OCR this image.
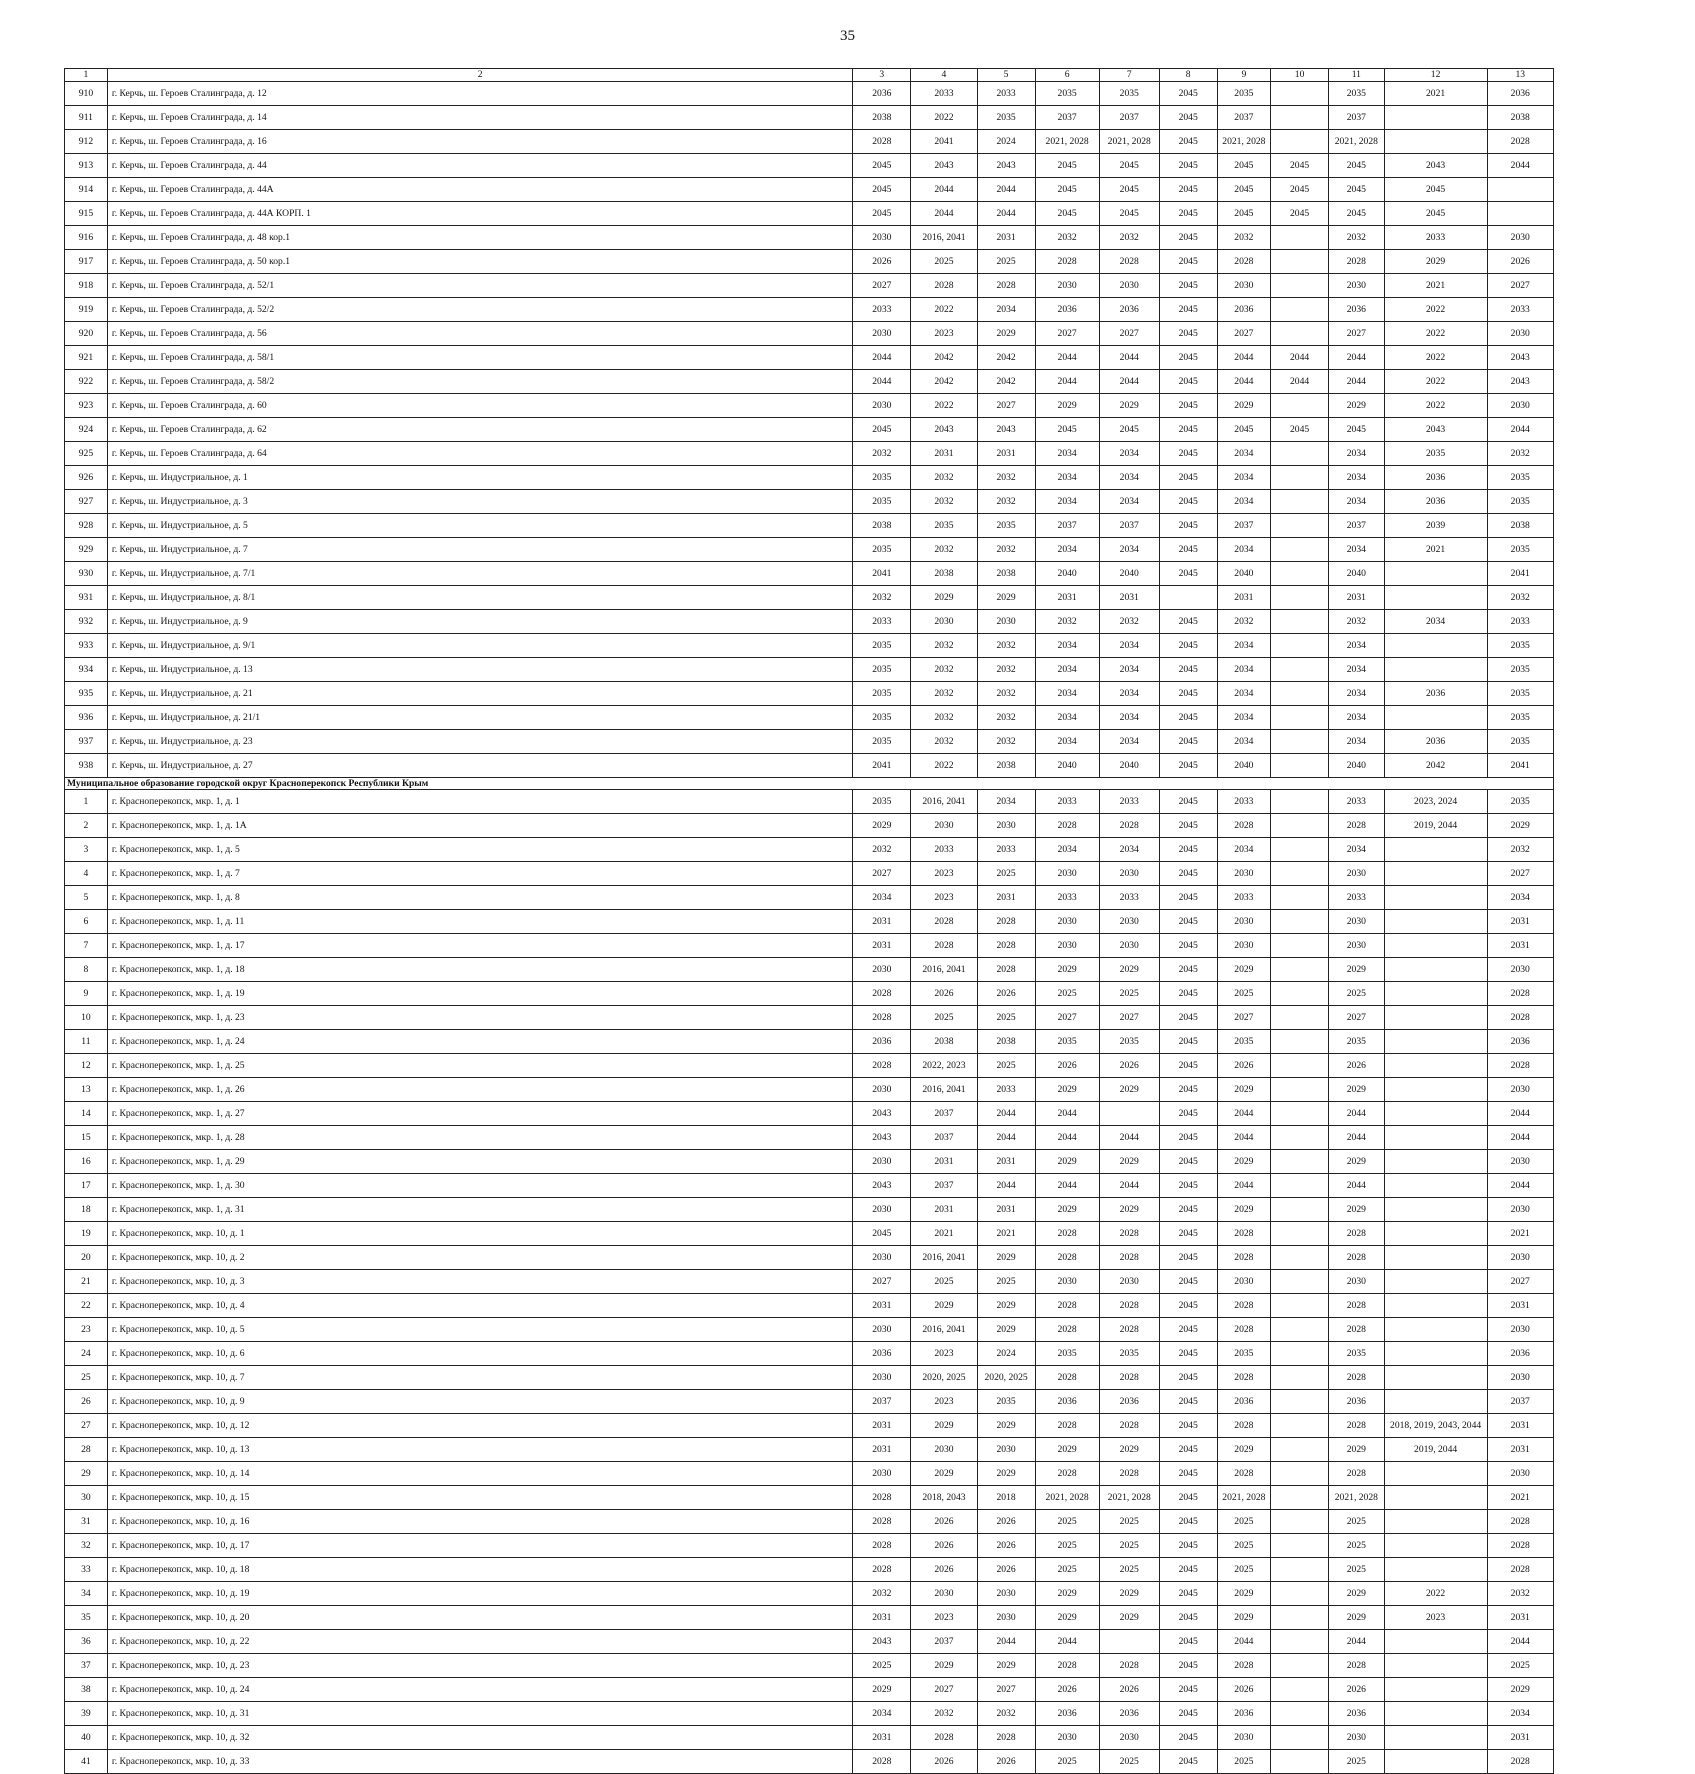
35
1	2	3	4	5	6	7	8	9	10	11	12	13
910	г. Керчь, ш. Героев Сталинграда, д. 12	2036	2033	2033	2035	2035	2045	2035		2035	2021	2036
911	г. Керчь, ш. Героев Сталинграда, д. 14	2038	2022	2035	2037	2037	2045	2037		2037		2038
912	г. Керчь, ш. Героев Сталинграда, д. 16	2028	2041	2024	2021, 2028	2021, 2028	2045	2021, 2028		2021, 2028		2028
913	г. Керчь, ш. Героев Сталинграда, д. 44	2045	2043	2043	2045	2045	2045	2045	2045	2045	2043	2044
914	г. Керчь, ш. Героев Сталинграда, д. 44А	2045	2044	2044	2045	2045	2045	2045	2045	2045	2045	
915	г. Керчь, ш. Героев Сталинграда, д. 44А КОРП. 1	2045	2044	2044	2045	2045	2045	2045	2045	2045	2045	
916	г. Керчь, ш. Героев Сталинграда, д. 48 кор.1	2030	2016, 2041	2031	2032	2032	2045	2032		2032	2033	2030
917	г. Керчь, ш. Героев Сталинграда, д. 50 кор.1	2026	2025	2025	2028	2028	2045	2028		2028	2029	2026
918	г. Керчь, ш. Героев Сталинграда, д. 52/1	2027	2028	2028	2030	2030	2045	2030		2030	2021	2027
919	г. Керчь, ш. Героев Сталинграда, д. 52/2	2033	2022	2034	2036	2036	2045	2036		2036	2022	2033
920	г. Керчь, ш. Героев Сталинграда, д. 56	2030	2023	2029	2027	2027	2045	2027		2027	2022	2030
921	г. Керчь, ш. Героев Сталинграда, д. 58/1	2044	2042	2042	2044	2044	2045	2044	2044	2044	2022	2043
922	г. Керчь, ш. Героев Сталинграда, д. 58/2	2044	2042	2042	2044	2044	2045	2044	2044	2044	2022	2043
923	г. Керчь, ш. Героев Сталинграда, д. 60	2030	2022	2027	2029	2029	2045	2029		2029	2022	2030
924	г. Керчь, ш. Героев Сталинграда, д. 62	2045	2043	2043	2045	2045	2045	2045	2045	2045	2043	2044
925	г. Керчь, ш. Героев Сталинграда, д. 64	2032	2031	2031	2034	2034	2045	2034		2034	2035	2032
926	г. Керчь, ш. Индустриальное, д. 1	2035	2032	2032	2034	2034	2045	2034		2034	2036	2035
927	г. Керчь, ш. Индустриальное, д. 3	2035	2032	2032	2034	2034	2045	2034		2034	2036	2035
928	г. Керчь, ш. Индустриальное, д. 5	2038	2035	2035	2037	2037	2045	2037		2037	2039	2038
929	г. Керчь, ш. Индустриальное, д. 7	2035	2032	2032	2034	2034	2045	2034		2034	2021	2035
930	г. Керчь, ш. Индустриальное, д. 7/1	2041	2038	2038	2040	2040	2045	2040		2040		2041
931	г. Керчь, ш. Индустриальное, д. 8/1	2032	2029	2029	2031	2031		2031		2031		2032
932	г. Керчь, ш. Индустриальное, д. 9	2033	2030	2030	2032	2032	2045	2032		2032	2034	2033
933	г. Керчь, ш. Индустриальное, д. 9/1	2035	2032	2032	2034	2034	2045	2034		2034		2035
934	г. Керчь, ш. Индустриальное, д. 13	2035	2032	2032	2034	2034	2045	2034		2034		2035
935	г. Керчь, ш. Индустриальное, д. 21	2035	2032	2032	2034	2034	2045	2034		2034	2036	2035
936	г. Керчь, ш. Индустриальное, д. 21/1	2035	2032	2032	2034	2034	2045	2034		2034		2035
937	г. Керчь, ш. Индустриальное, д. 23	2035	2032	2032	2034	2034	2045	2034		2034	2036	2035
938	г. Керчь, ш. Индустриальное, д. 27	2041	2022	2038	2040	2040	2045	2040		2040	2042	2041
Муниципальное образование городской округ Красноперекопск Республики Крым												
1	г. Красноперекопск, мкр. 1, д. 1	2035	2016, 2041	2034	2033	2033	2045	2033		2033	2023, 2024	2035
2	г. Красноперекопск, мкр. 1, д. 1А	2029	2030	2030	2028	2028	2045	2028		2028	2019, 2044	2029
3	г. Красноперекопск, мкр. 1, д. 5	2032	2033	2033	2034	2034	2045	2034		2034		2032
4	г. Красноперекопск, мкр. 1, д. 7	2027	2023	2025	2030	2030	2045	2030		2030		2027
5	г. Красноперекопск, мкр. 1, д. 8	2034	2023	2031	2033	2033	2045	2033		2033		2034
6	г. Красноперекопск, мкр. 1, д. 11	2031	2028	2028	2030	2030	2045	2030		2030		2031
7	г. Красноперекопск, мкр. 1, д. 17	2031	2028	2028	2030	2030	2045	2030		2030		2031
8	г. Красноперекопск, мкр. 1, д. 18	2030	2016, 2041	2028	2029	2029	2045	2029		2029		2030
9	г. Красноперекопск, мкр. 1, д. 19	2028	2026	2026	2025	2025	2045	2025		2025		2028
10	г. Красноперекопск, мкр. 1, д. 23	2028	2025	2025	2027	2027	2045	2027		2027		2028
11	г. Красноперекопск, мкр. 1, д. 24	2036	2038	2038	2035	2035	2045	2035		2035		2036
12	г. Красноперекопск, мкр. 1, д. 25	2028	2022, 2023	2025	2026	2026	2045	2026		2026		2028
13	г. Красноперекопск, мкр. 1, д. 26	2030	2016, 2041	2033	2029	2029	2045	2029		2029		2030
14	г. Красноперекопск, мкр. 1, д. 27	2043	2037	2044	2044		2045	2044		2044		2044
15	г. Красноперекопск, мкр. 1, д. 28	2043	2037	2044	2044	2044	2045	2044		2044		2044
16	г. Красноперекопск, мкр. 1, д. 29	2030	2031	2031	2029	2029	2045	2029		2029		2030
17	г. Красноперекопск, мкр. 1, д. 30	2043	2037	2044	2044	2044	2045	2044		2044		2044
18	г. Красноперекопск, мкр. 1, д. 31	2030	2031	2031	2029	2029	2045	2029		2029		2030
19	г. Красноперекопск, мкр. 10, д. 1	2045	2021	2021	2028	2028	2045	2028		2028		2021
20	г. Красноперекопск, мкр. 10, д. 2	2030	2016, 2041	2029	2028	2028	2045	2028		2028		2030
21	г. Красноперекопск, мкр. 10, д. 3	2027	2025	2025	2030	2030	2045	2030		2030		2027
22	г. Красноперекопск, мкр. 10, д. 4	2031	2029	2029	2028	2028	2045	2028		2028		2031
23	г. Красноперекопск, мкр. 10, д. 5	2030	2016, 2041	2029	2028	2028	2045	2028		2028		2030
24	г. Красноперекопск, мкр. 10, д. 6	2036	2023	2024	2035	2035	2045	2035		2035		2036
25	г. Красноперекопск, мкр. 10, д. 7	2030	2020, 2025	2020, 2025	2028	2028	2045	2028		2028		2030
26	г. Красноперекопск, мкр. 10, д. 9	2037	2023	2035	2036	2036	2045	2036		2036		2037
27	г. Красноперекопск, мкр. 10, д. 12	2031	2029	2029	2028	2028	2045	2028		2028	2018, 2019, 2043, 2044	2031
28	г. Красноперекопск, мкр. 10, д. 13	2031	2030	2030	2029	2029	2045	2029		2029	2019, 2044	2031
29	г. Красноперекопск, мкр. 10, д. 14	2030	2029	2029	2028	2028	2045	2028		2028		2030
30	г. Красноперекопск, мкр. 10, д. 15	2028	2018, 2043	2018	2021, 2028	2021, 2028	2045	2021, 2028		2021, 2028		2021
31	г. Красноперекопск, мкр. 10, д. 16	2028	2026	2026	2025	2025	2045	2025		2025		2028
32	г. Красноперекопск, мкр. 10, д. 17	2028	2026	2026	2025	2025	2045	2025		2025		2028
33	г. Красноперекопск, мкр. 10, д. 18	2028	2026	2026	2025	2025	2045	2025		2025		2028
34	г. Красноперекопск, мкр. 10, д. 19	2032	2030	2030	2029	2029	2045	2029		2029	2022	2032
35	г. Красноперекопск, мкр. 10, д. 20	2031	2023	2030	2029	2029	2045	2029		2029	2023	2031
36	г. Красноперекопск, мкр. 10, д. 22	2043	2037	2044	2044		2045	2044		2044		2044
37	г. Красноперекопск, мкр. 10, д. 23	2025	2029	2029	2028	2028	2045	2028		2028		2025
38	г. Красноперекопск, мкр. 10, д. 24	2029	2027	2027	2026	2026	2045	2026		2026		2029
39	г. Красноперекопск, мкр. 10, д. 31	2034	2032	2032	2036	2036	2045	2036		2036		2034
40	г. Красноперекопск, мкр. 10, д. 32	2031	2028	2028	2030	2030	2045	2030		2030		2031
41	г. Красноперекопск, мкр. 10, д. 33	2028	2026	2026	2025	2025	2045	2025		2025		2028
